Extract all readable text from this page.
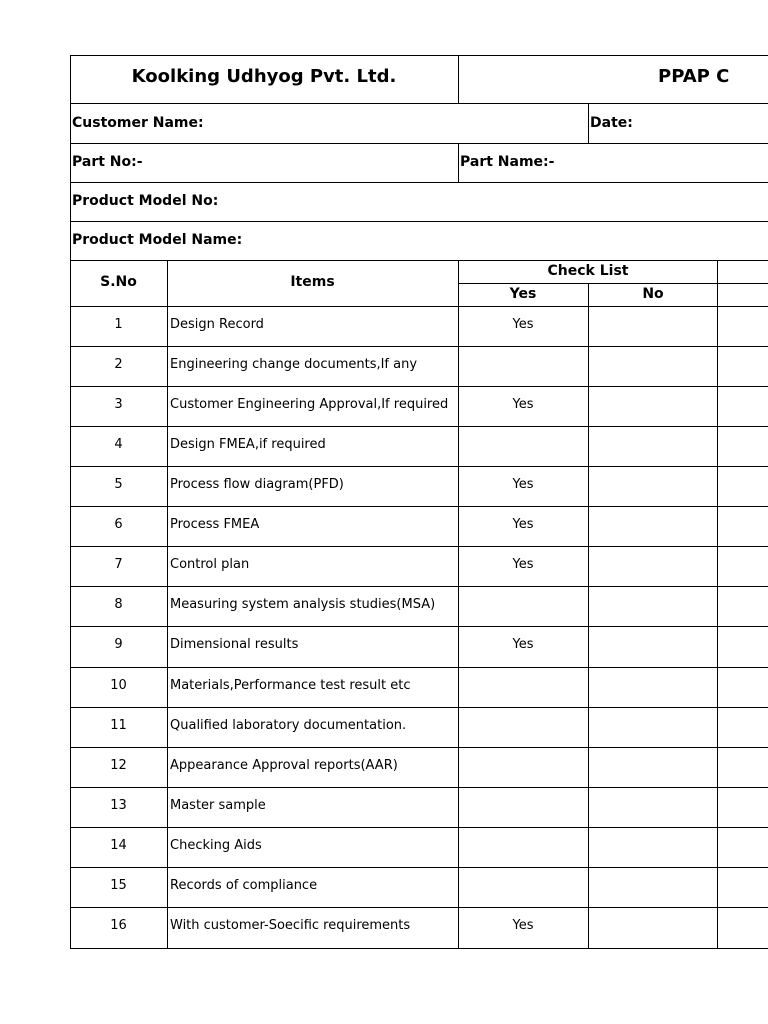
Koolking Udhyog Pvt. Ltd.	PPAP C
Customer Name:	Date:
Part No:-	Part Name:-
Product Model No:
Product Model Name:
S.No	Items
Check List
Yes	No
1	Design Record	Yes
2	Engineering change documents,If any
3	Customer Engineering Approval,If required	Yes
4	Design FMEA,if required
5	Process flow diagram(PFD)	Yes
6	Process FMEA	Yes
7	Control plan	Yes
8	Measuring system analysis studies(MSA)
9	Dimensional results	Yes
10	Materials,Performance test result etc
11	Qualified laboratory documentation.
12	Appearance Approval reports(AAR)
13	Master sample
14	Checking Aids
15	Records of compliance
16	With customer-Soecific requirements	Yes
